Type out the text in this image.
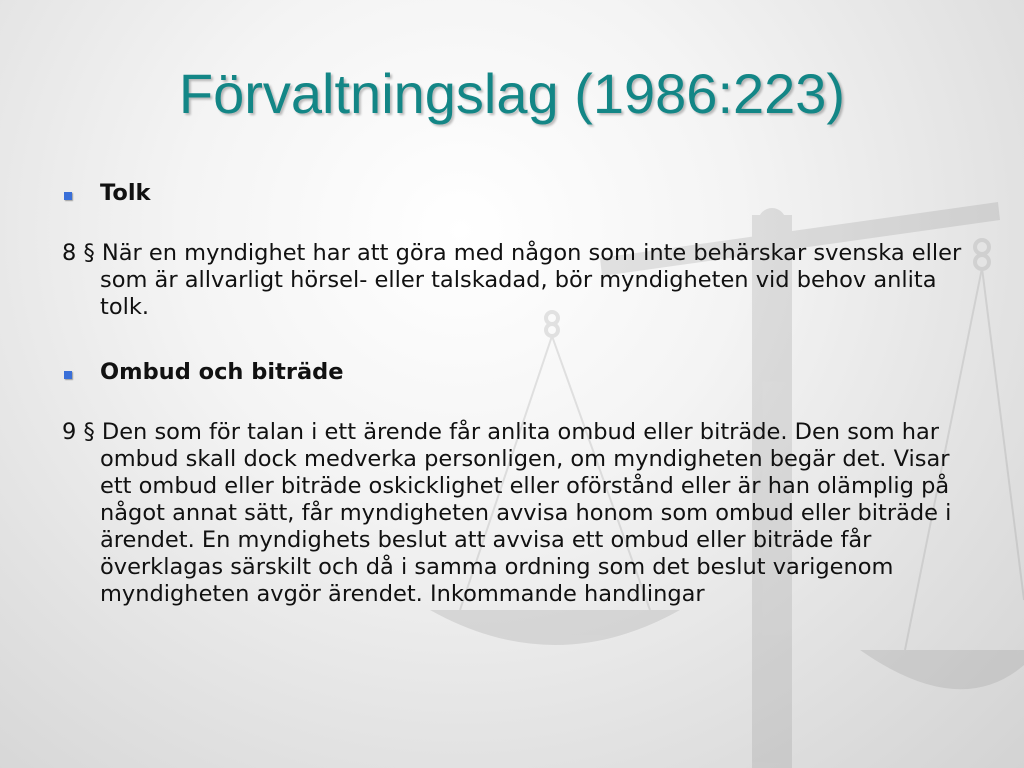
Förvaltningslag (1986:223)
Tolk
8 § När en myndighet har att göra med någon som inte behärskar svenska eller som är allvarligt hörsel- eller talskadad, bör myndigheten vid behov anlita tolk.
Ombud och biträde
9 § Den som för talan i ett ärende får anlita ombud eller biträde. Den som har ombud skall dock medverka personligen, om myndigheten begär det. Visar ett ombud eller biträde oskicklighet eller oförstånd eller är han olämplig på något annat sätt, får myndigheten avvisa honom som ombud eller biträde i ärendet. En myndighets beslut att avvisa ett ombud eller biträde får överklagas särskilt och då i samma ordning som det beslut varigenom myndigheten avgör ärendet. Inkommande handlingar
